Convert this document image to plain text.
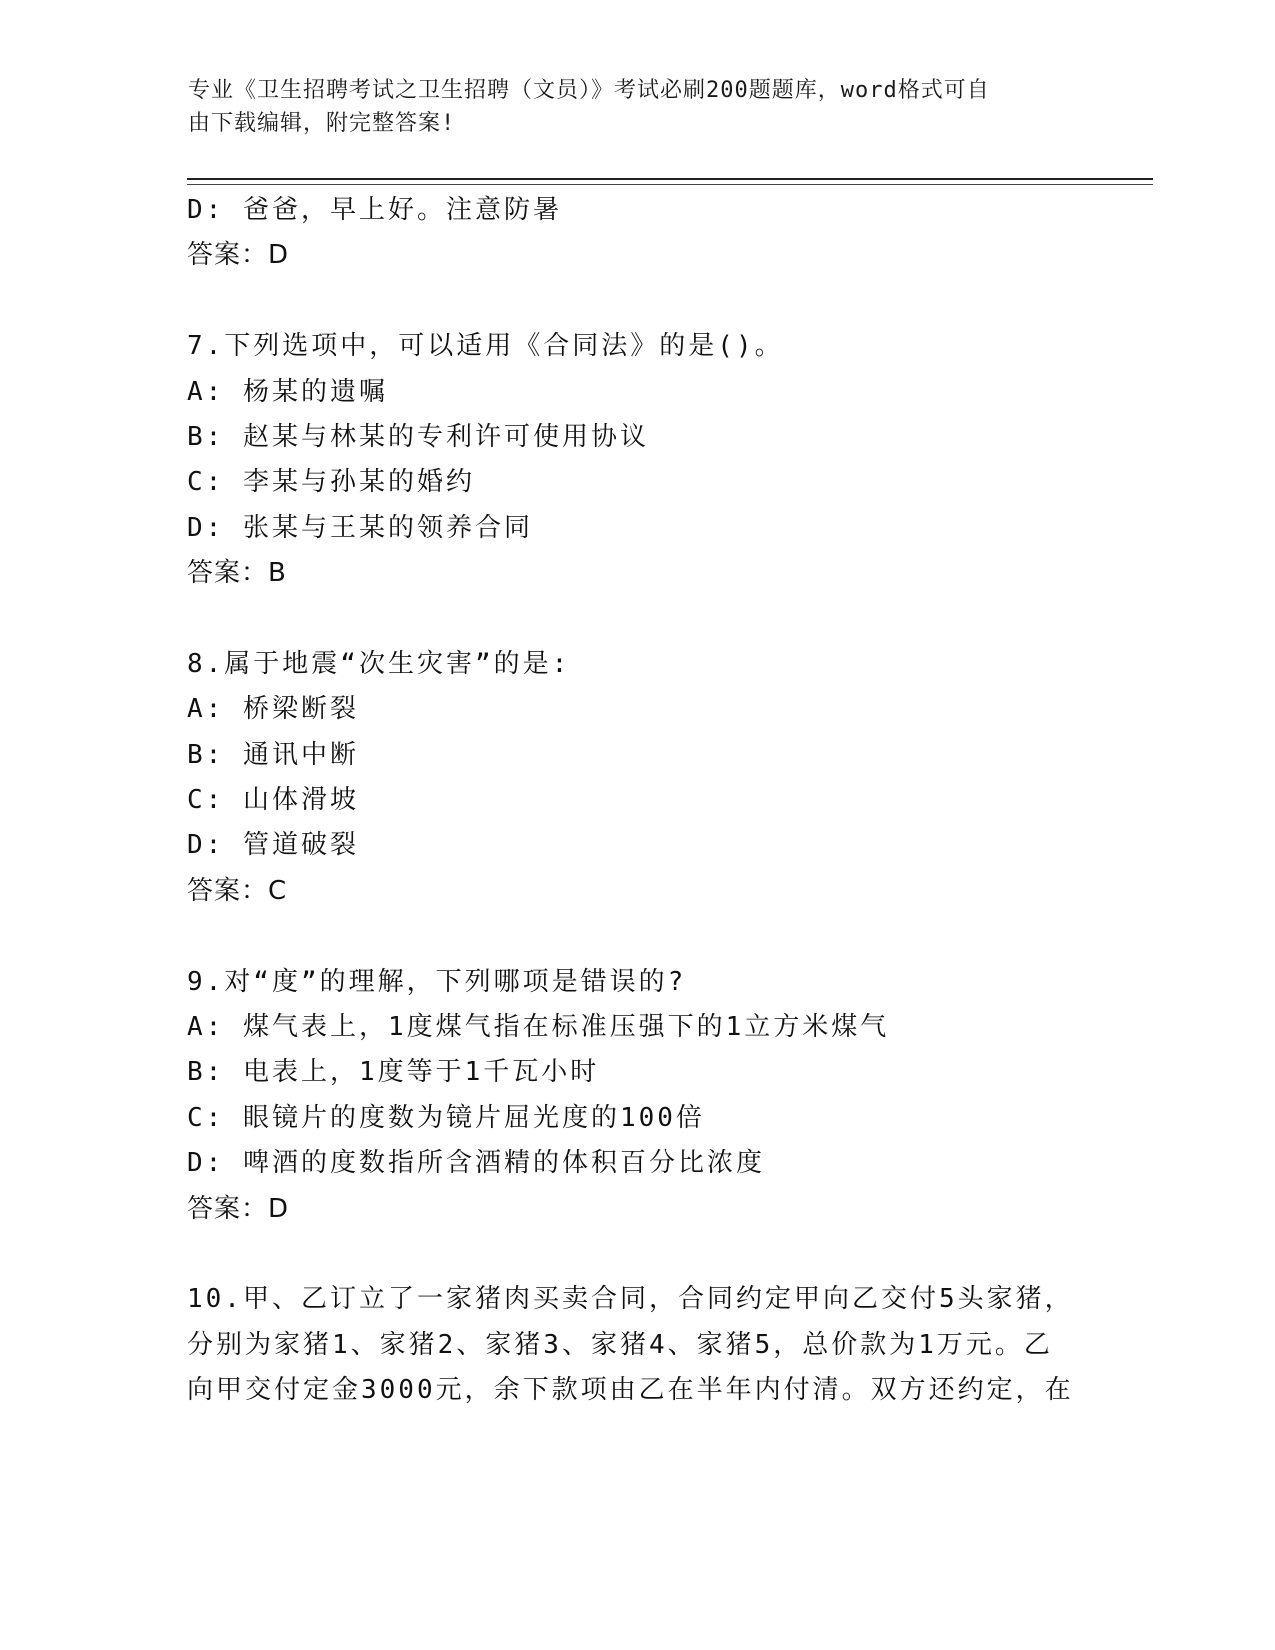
专业《卫生招聘考试之卫生招聘（文员）》考试必刷200题题库，word格式可自
由下载编辑，附完整答案!
D: 爸爸，早上好。注意防暑
答案：D
7.下列选项中，可以适用《合同法》的是()。
A: 杨某的遗嘱
B: 赵某与林某的专利许可使用协议
C: 李某与孙某的婚约
D: 张某与王某的领养合同
答案：B
8.属于地震“次生灾害”的是:
A: 桥梁断裂
B: 通讯中断
C: 山体滑坡
D: 管道破裂
答案：C
9.对“度”的理解，下列哪项是错误的?
A: 煤气表上，1度煤气指在标准压强下的1立方米煤气
B: 电表上，1度等于1千瓦小时
C: 眼镜片的度数为镜片屈光度的100倍
D: 啤酒的度数指所含酒精的体积百分比浓度
答案：D
10.甲、乙订立了一家猪肉买卖合同，合同约定甲向乙交付5头家猪，
分别为家猪1、家猪2、家猪3、家猪4、家猪5，总价款为1万元。乙
向甲交付定金3000元，余下款项由乙在半年内付清。双方还约定，在
